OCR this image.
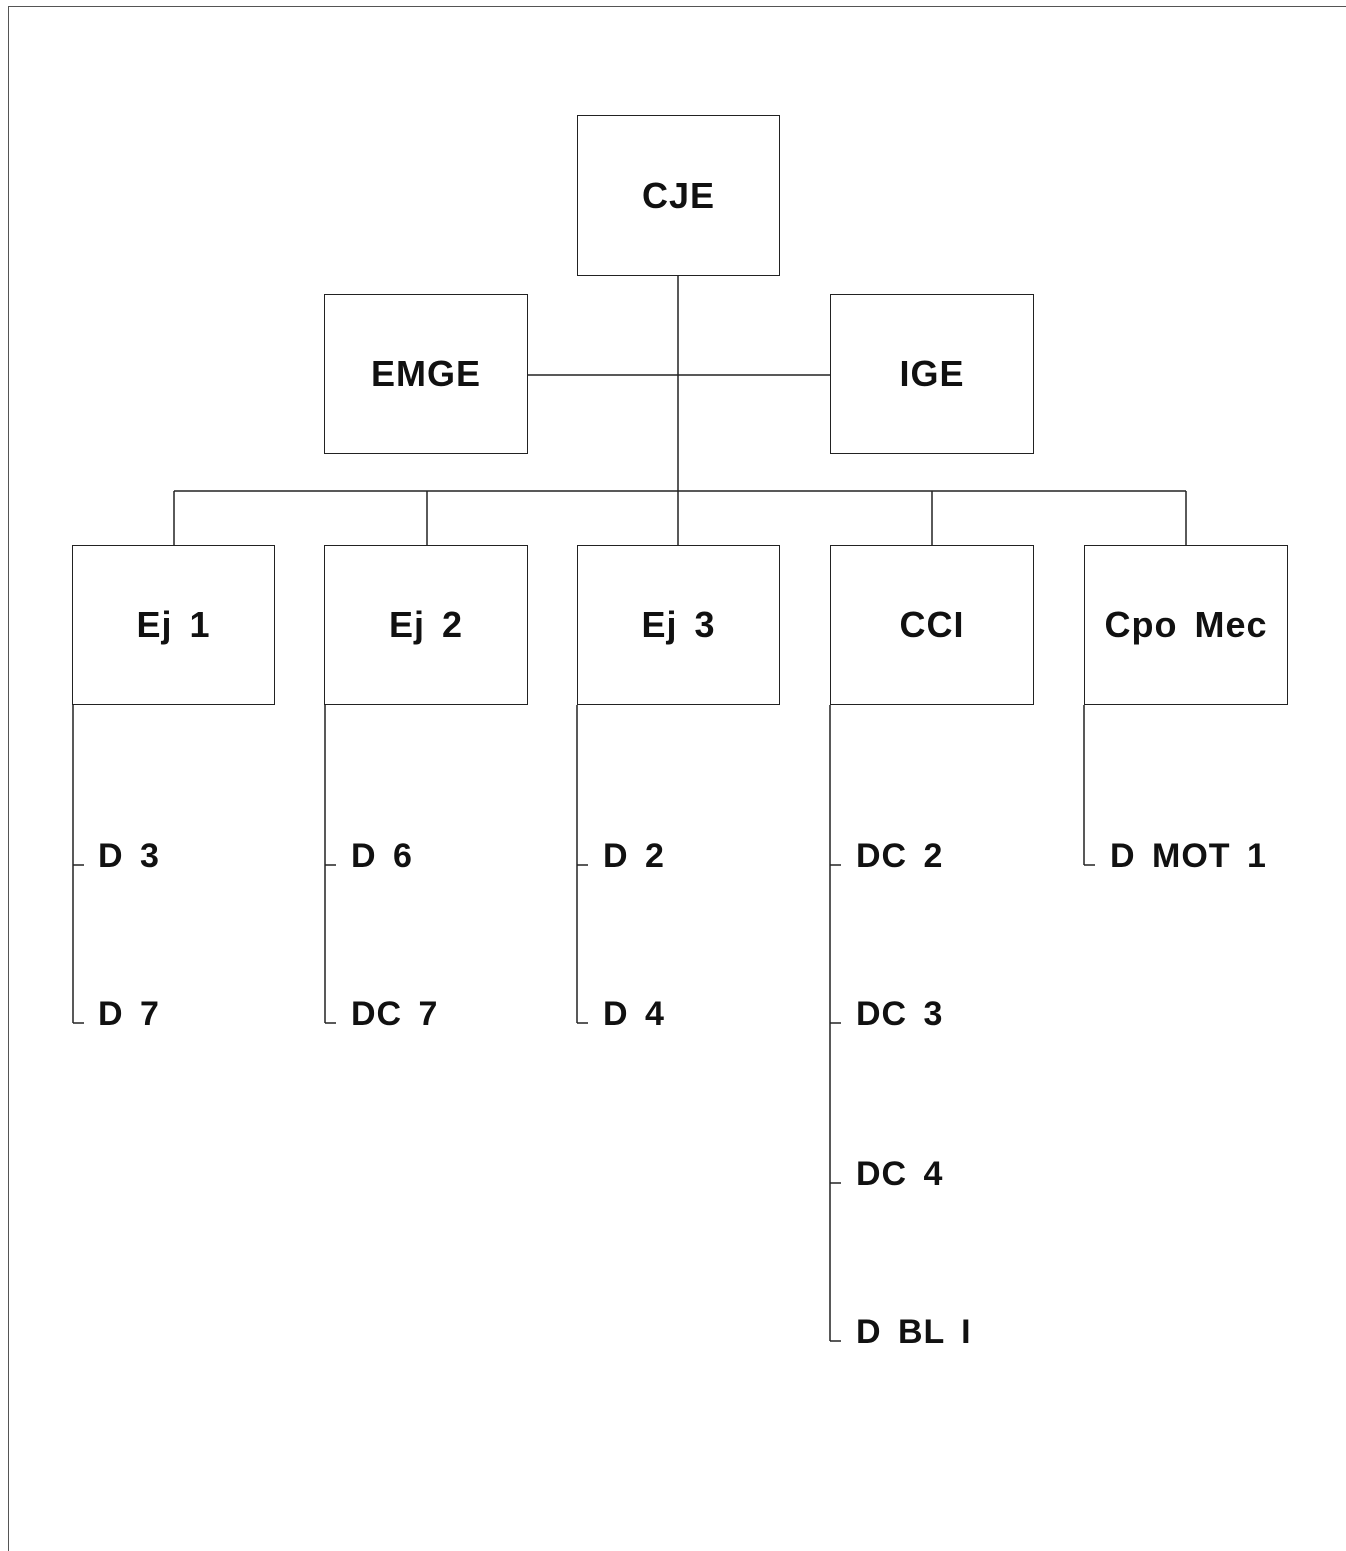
CJE
EMGE	IGE
Ej 1	Ej 2	Ej 3	CCI	Cpo Mec
D 3
D 7
D 6
DC 7
D 2
D 4
DC 2
DC 3
DC 4
D BL I
D MOT 1
